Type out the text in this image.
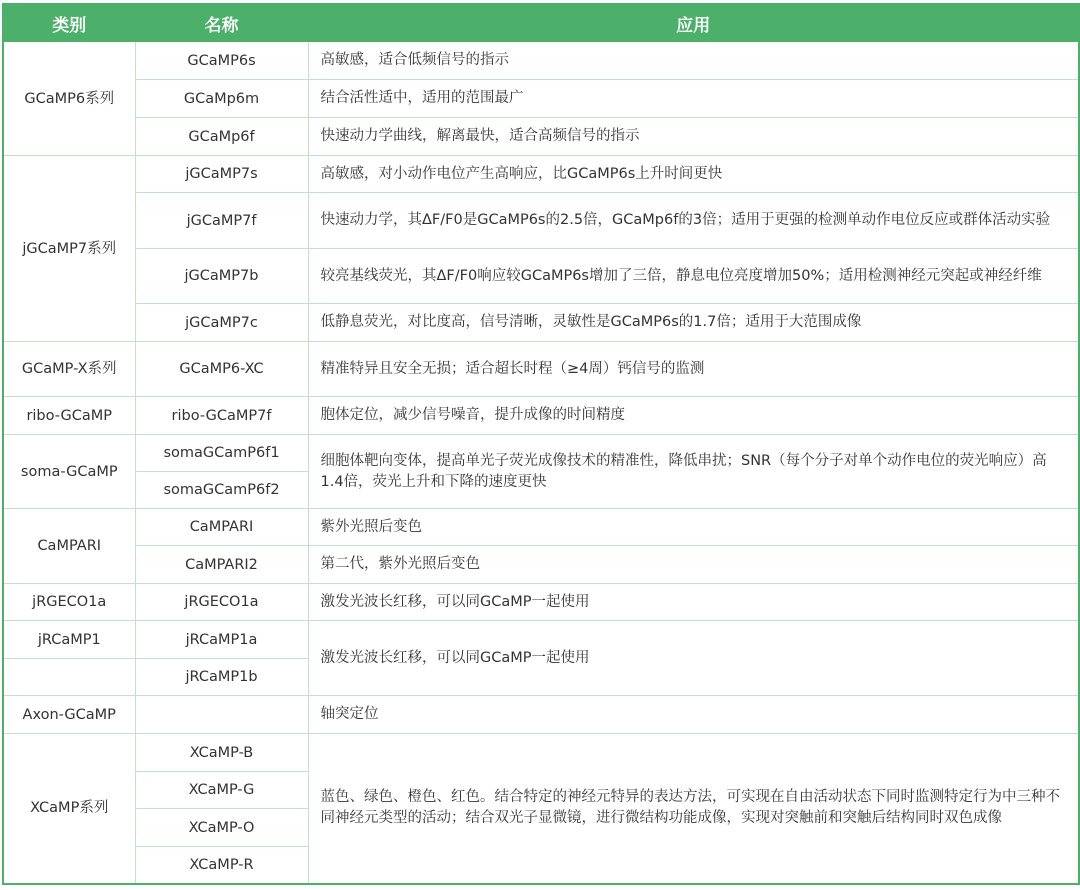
类别	名称	应用
GCaMP6系列	GCaMP6s	高敏感，适合低频信号的指示
	GCaMp6m	结合活性适中，适用的范围最广
	GCaMp6f	快速动力学曲线，解离最快，适合高频信号的指示
jGCaMP7系列	jGCaMP7s	高敏感，对小动作电位产生高响应，比GCaMP6s上升时间更快
	jGCaMP7f	快速动力学，其ΔF/F0是GCaMP6s的2.5倍，GCaMp6f的3倍；适用于更强的检测单动作电位反应或群体活动实验
	jGCaMP7b	较亮基线荧光，其ΔF/F0响应较GCaMP6s增加了三倍，静息电位亮度增加50%；适用检测神经元突起或神经纤维
	jGCaMP7c	低静息荧光，对比度高，信号清晰，灵敏性是GCaMP6s的1.7倍；适用于大范围成像
GCaMP-X系列	GCaMP6-XC	精准特异且安全无损；适合超长时程（≥4周）钙信号的监测
ribo-GCaMP	ribo-GCaMP7f	胞体定位，减少信号噪音，提升成像的时间精度
soma-GCaMP	somaGCamP6f1	细胞体靶向变体，提高单光子荧光成像技术的精准性，降低串扰；SNR（每个分子对单个动作电位的荧光响应）高1.4倍，荧光上升和下降的速度更快
	somaGCamP6f2	
CaMPARI	CaMPARI	紫外光照后变色
	CaMPARI2	第二代，紫外光照后变色
jRGECO1a	jRGECO1a	激发光波长红移，可以同GCaMP一起使用
jRCaMP1	jRCaMP1a	激发光波长红移，可以同GCaMP一起使用
	jRCaMP1b	
Axon-GCaMP		轴突定位
XCaMP系列	XCaMP-B	蓝色、绿色、橙色、红色。结合特定的神经元特异的表达方法，可实现在自由活动状态下同时监测特定行为中三种不同神经元类型的活动；结合双光子显微镜，进行微结构功能成像，实现对突触前和突触后结构同时双色成像
	XCaMP-G	
	XCaMP-O	
	XCaMP-R	
